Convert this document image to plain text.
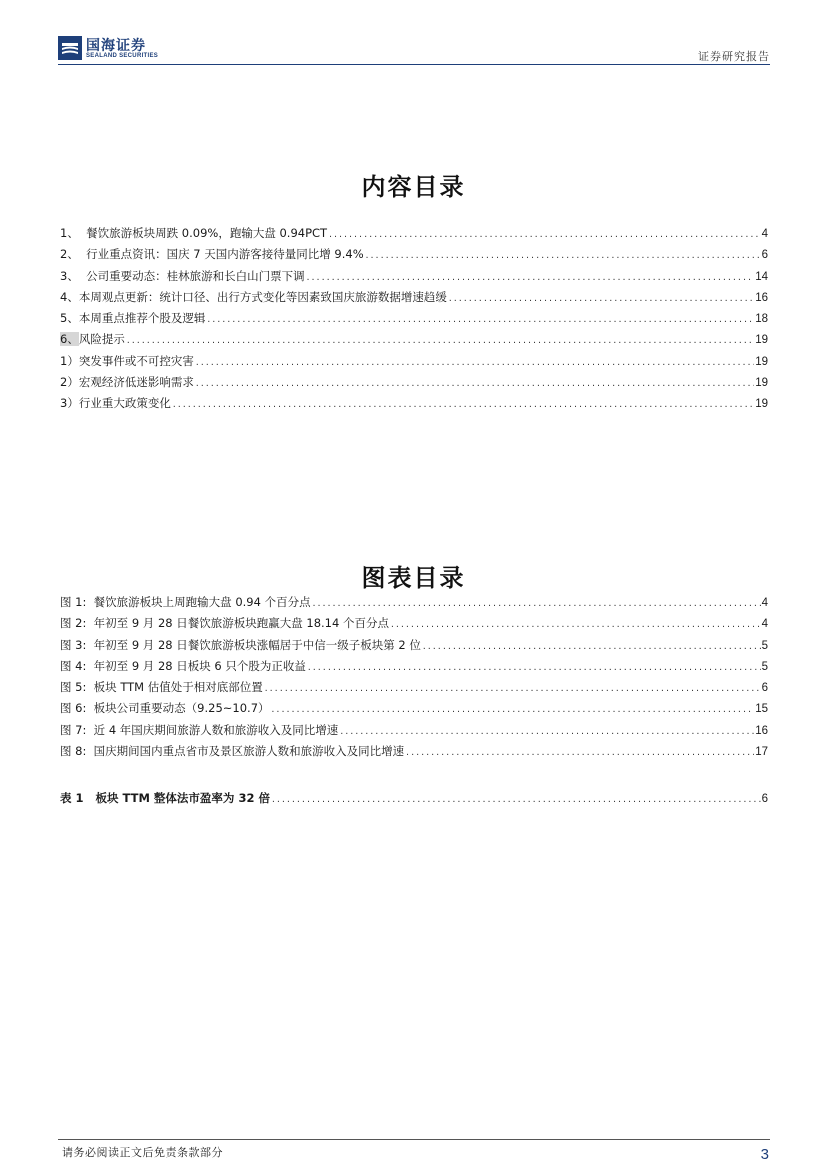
国海证券
SEALAND SECURITIES	证券研究报告
内容目录
1、 餐饮旅游板块周跌 0.09%，跑输大盘 0.94PCT .....	4
2、 行业重点资讯：国庆 7 天国内游客接待量同比增 9.4% .....	6
3、 公司重要动态：桂林旅游和长白山门票下调 .....	14
4、本周观点更新：统计口径、出行方式变化等因素致国庆旅游数据增速趋缓 .....	16
5、本周重点推荐个股及逻辑 .....	18
6、风险提示 .....	19
1）突发事件或不可控灾害 .....	19
2）宏观经济低迷影响需求 .....	19
3）行业重大政策变化 .....	19
图表目录
图 1: 餐饮旅游板块上周跑输大盘 0.94 个百分点 .....	4
图 2: 年初至 9 月 28 日餐饮旅游板块跑赢大盘 18.14 个百分点 .....	4
图 3: 年初至 9 月 28 日餐饮旅游板块涨幅居于中信一级子板块第 2 位 .....	5
图 4: 年初至 9 月 28 日板块 6 只个股为正收益 .....	5
图 5: 板块 TTM 估值处于相对底部位置 .....	6
图 6: 板块公司重要动态（9.25~10.7） .....	15
图 7: 近 4 年国庆期间旅游人数和旅游收入及同比增速 .....	16
图 8: 国庆期间国内重点省市及景区旅游人数和旅游收入及同比增速 .....	17
表 1 板块 TTM 整体法市盈率为 32 倍 .....	6
请务必阅读正文后免责条款部分	3
